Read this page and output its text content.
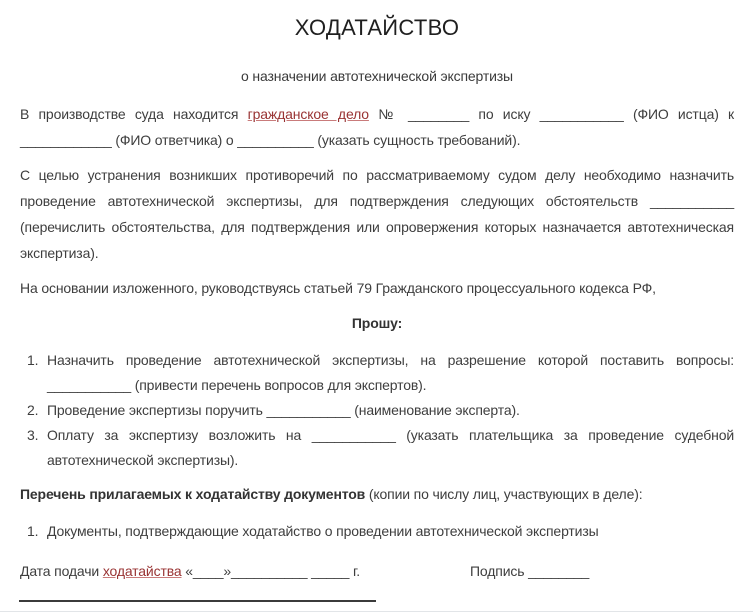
ХОДАТАЙСТВО
о назначении автотехнической экспертизы

В производстве суда находится гражданское дело № ________ по иску ___________ (ФИО истца) к ____________ (ФИО ответчика) о __________ (указать сущность требований).

С целью устранения возникших противоречий по рассматриваемому судом делу необходимо назначить проведение автотехнической экспертизы, для подтверждения следующих обстоятельств ___________ (перечислить обстоятельства, для подтверждения или опровержения которых назначается автотехническая экспертиза).

На основании изложенного, руководствуясь статьей 79 Гражданского процессуального кодекса РФ,

Прошу:
1. Назначить проведение автотехнической экспертизы, на разрешение которой поставить вопросы: ___________ (привести перечень вопросов для экспертов).
2. Проведение экспертизы поручить ___________ (наименование эксперта).
3. Оплату за экспертизу возложить на ___________ (указать плательщика за проведение судебной автотехнической экспертизы).

Перечень прилагаемых к ходатайству документов (копии по числу лиц, участвующих в деле):

1. Документы, подтверждающие ходатайство о проведении автотехнической экспертизы
Дата подачи ходатайства «____»__________ _____ г.	Подпись ________
